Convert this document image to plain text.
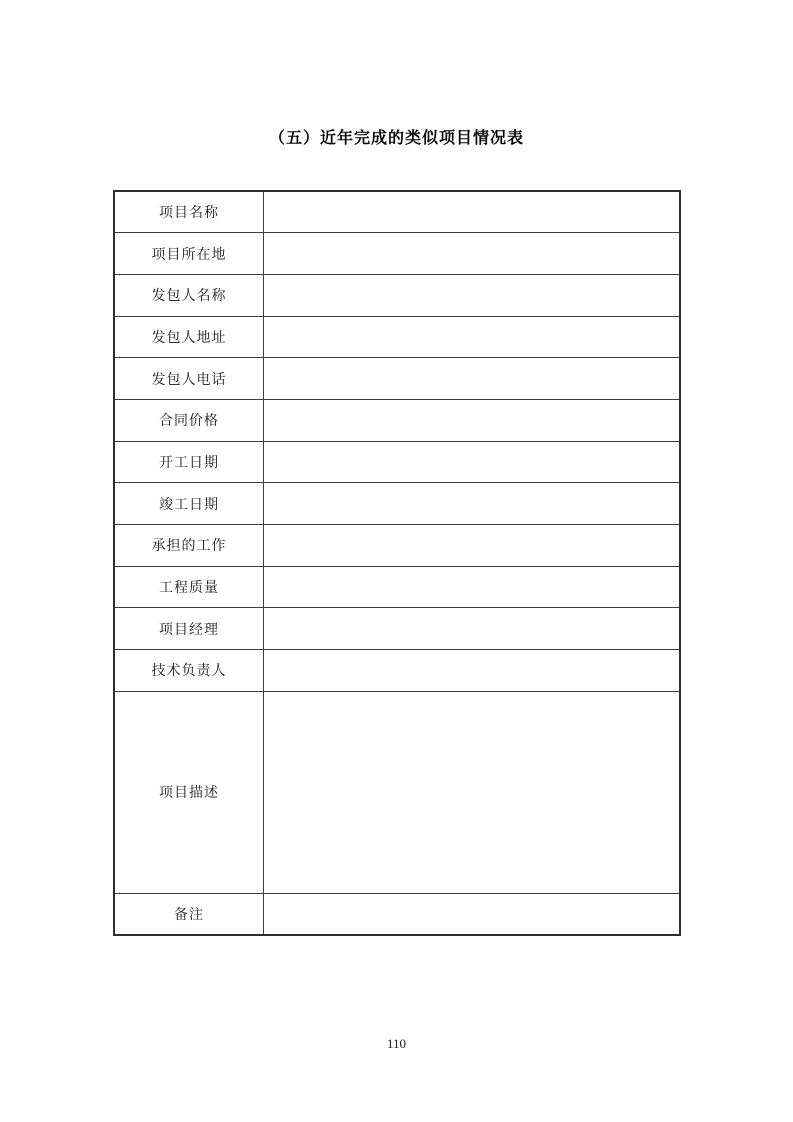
（五）近年完成的类似项目情况表
项目名称	
项目所在地	
发包人名称	
发包人地址	
发包人电话	
合同价格	
开工日期	
竣工日期	
承担的工作	
工程质量	
项目经理	
技术负责人	
项目描述	
备注	
110
